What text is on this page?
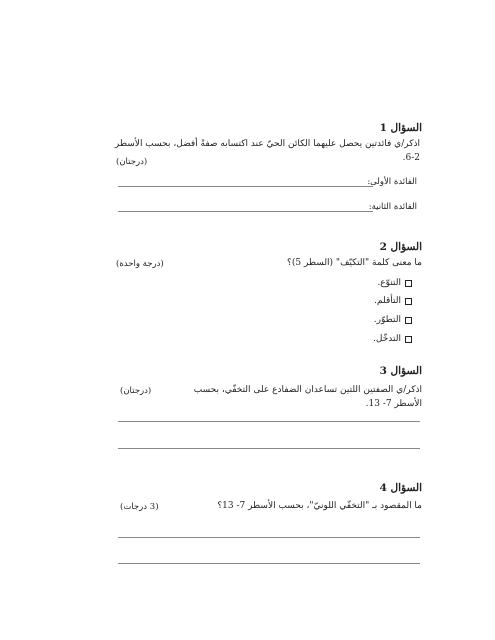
السؤال 1

اذكر/ي فائدتين يحصل عليهما الكائن الحيّ عند اكتسابه صفةً أفضل، بحسب الأسطر 2-6.
(درجتان)
الفائدة الأولى:
الفائدة الثانية:

السؤال 2

ما معنى كلمة "التكيّف" (السطر 5)؟
(درجة واحدة)
التنوّع.
التأقلم.
التطوّر.
التدخّل.

السؤال 3

اذكر/ي الصفتين اللتين تساعدان الضفادع على التخفّي، بحسب الأسطر 7- 13.
(درجتان)

السؤال 4

ما المقصود بـ "التخفّي اللونيّ"، بحسب الأسطر 7- 13؟
(3 درجات)
